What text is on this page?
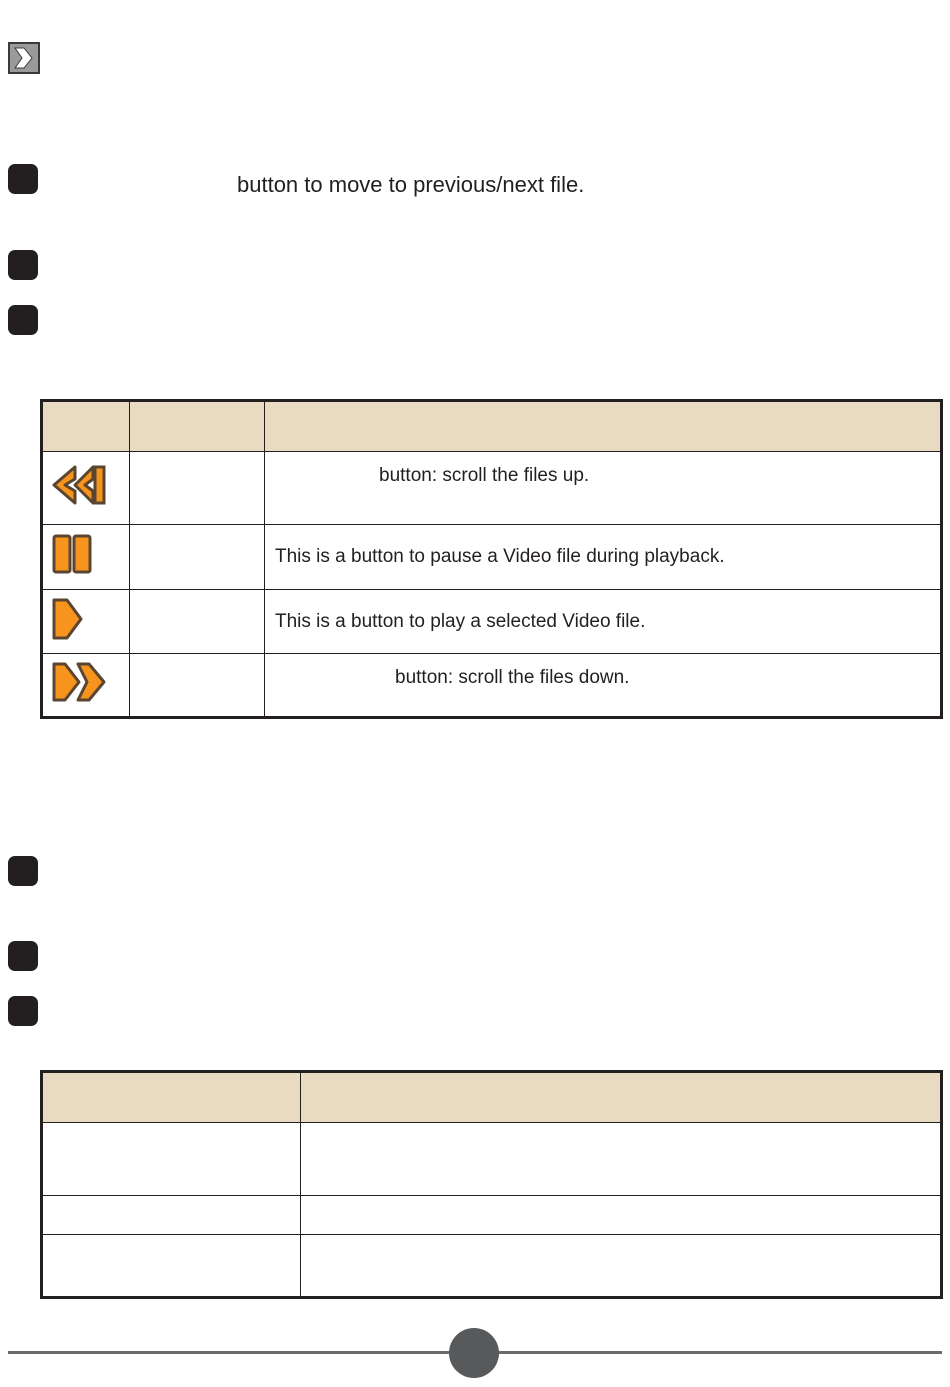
button to move to previous/next file.

		button: scroll the files up.
		This is a button to pause a Video file during playback.
		This is a button to play a selected Video file.
		button: scroll the files down.
